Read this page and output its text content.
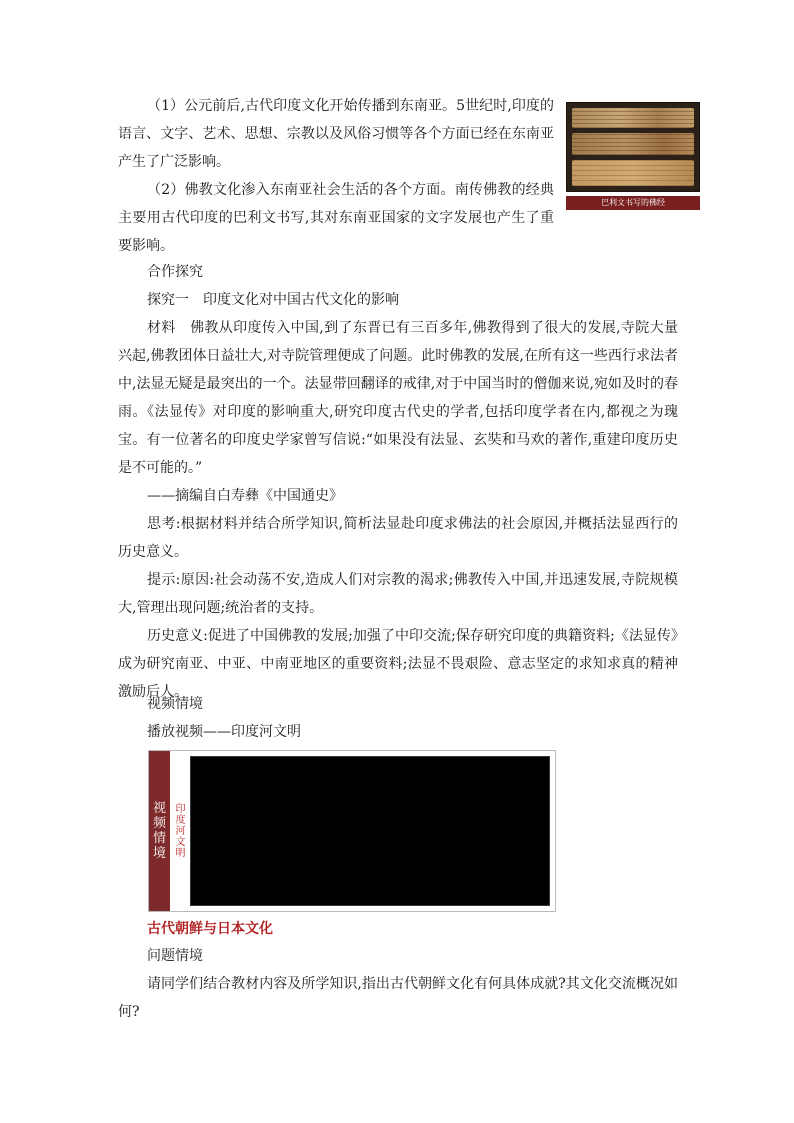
（1）公元前后,古代印度文化开始传播到东南亚。5世纪时,印度的语言、文字、艺术、思想、宗教以及风俗习惯等各个方面已经在东南亚产生了广泛影响。

（2）佛教文化渗入东南亚社会生活的各个方面。南传佛教的经典主要用古代印度的巴利文书写,其对东南亚国家的文字发展也产生了重要影响。

巴利文书写的佛经

合作探究

探究一　印度文化对中国古代文化的影响

材料　佛教从印度传入中国,到了东晋已有三百多年,佛教得到了很大的发展,寺院大量兴起,佛教团体日益壮大,对寺院管理便成了问题。此时佛教的发展,在所有这一些西行求法者中,法显无疑是最突出的一个。法显带回翻译的戒律,对于中国当时的僧伽来说,宛如及时的春雨。《法显传》对印度的影响重大,研究印度古代史的学者,包括印度学者在内,都视之为瑰宝。有一位著名的印度史学家曾写信说:“如果没有法显、玄奘和马欢的著作,重建印度历史是不可能的。”

——摘编自白寿彝《中国通史》

思考:根据材料并结合所学知识,简析法显赴印度求佛法的社会原因,并概括法显西行的历史意义。

提示:原因:社会动荡不安,造成人们对宗教的渴求;佛教传入中国,并迅速发展,寺院规模大,管理出现问题;统治者的支持。

历史意义:促进了中国佛教的发展;加强了中印交流;保存研究印度的典籍资料;《法显传》成为研究南亚、中亚、中南亚地区的重要资料;法显不畏艰险、意志坚定的求知求真的精神激励后人。

视频情境

播放视频——印度河文明

视频情境
印度河文明

古代朝鲜与日本文化

问题情境

请同学们结合教材内容及所学知识,指出古代朝鲜文化有何具体成就?其文化交流概况如何?
